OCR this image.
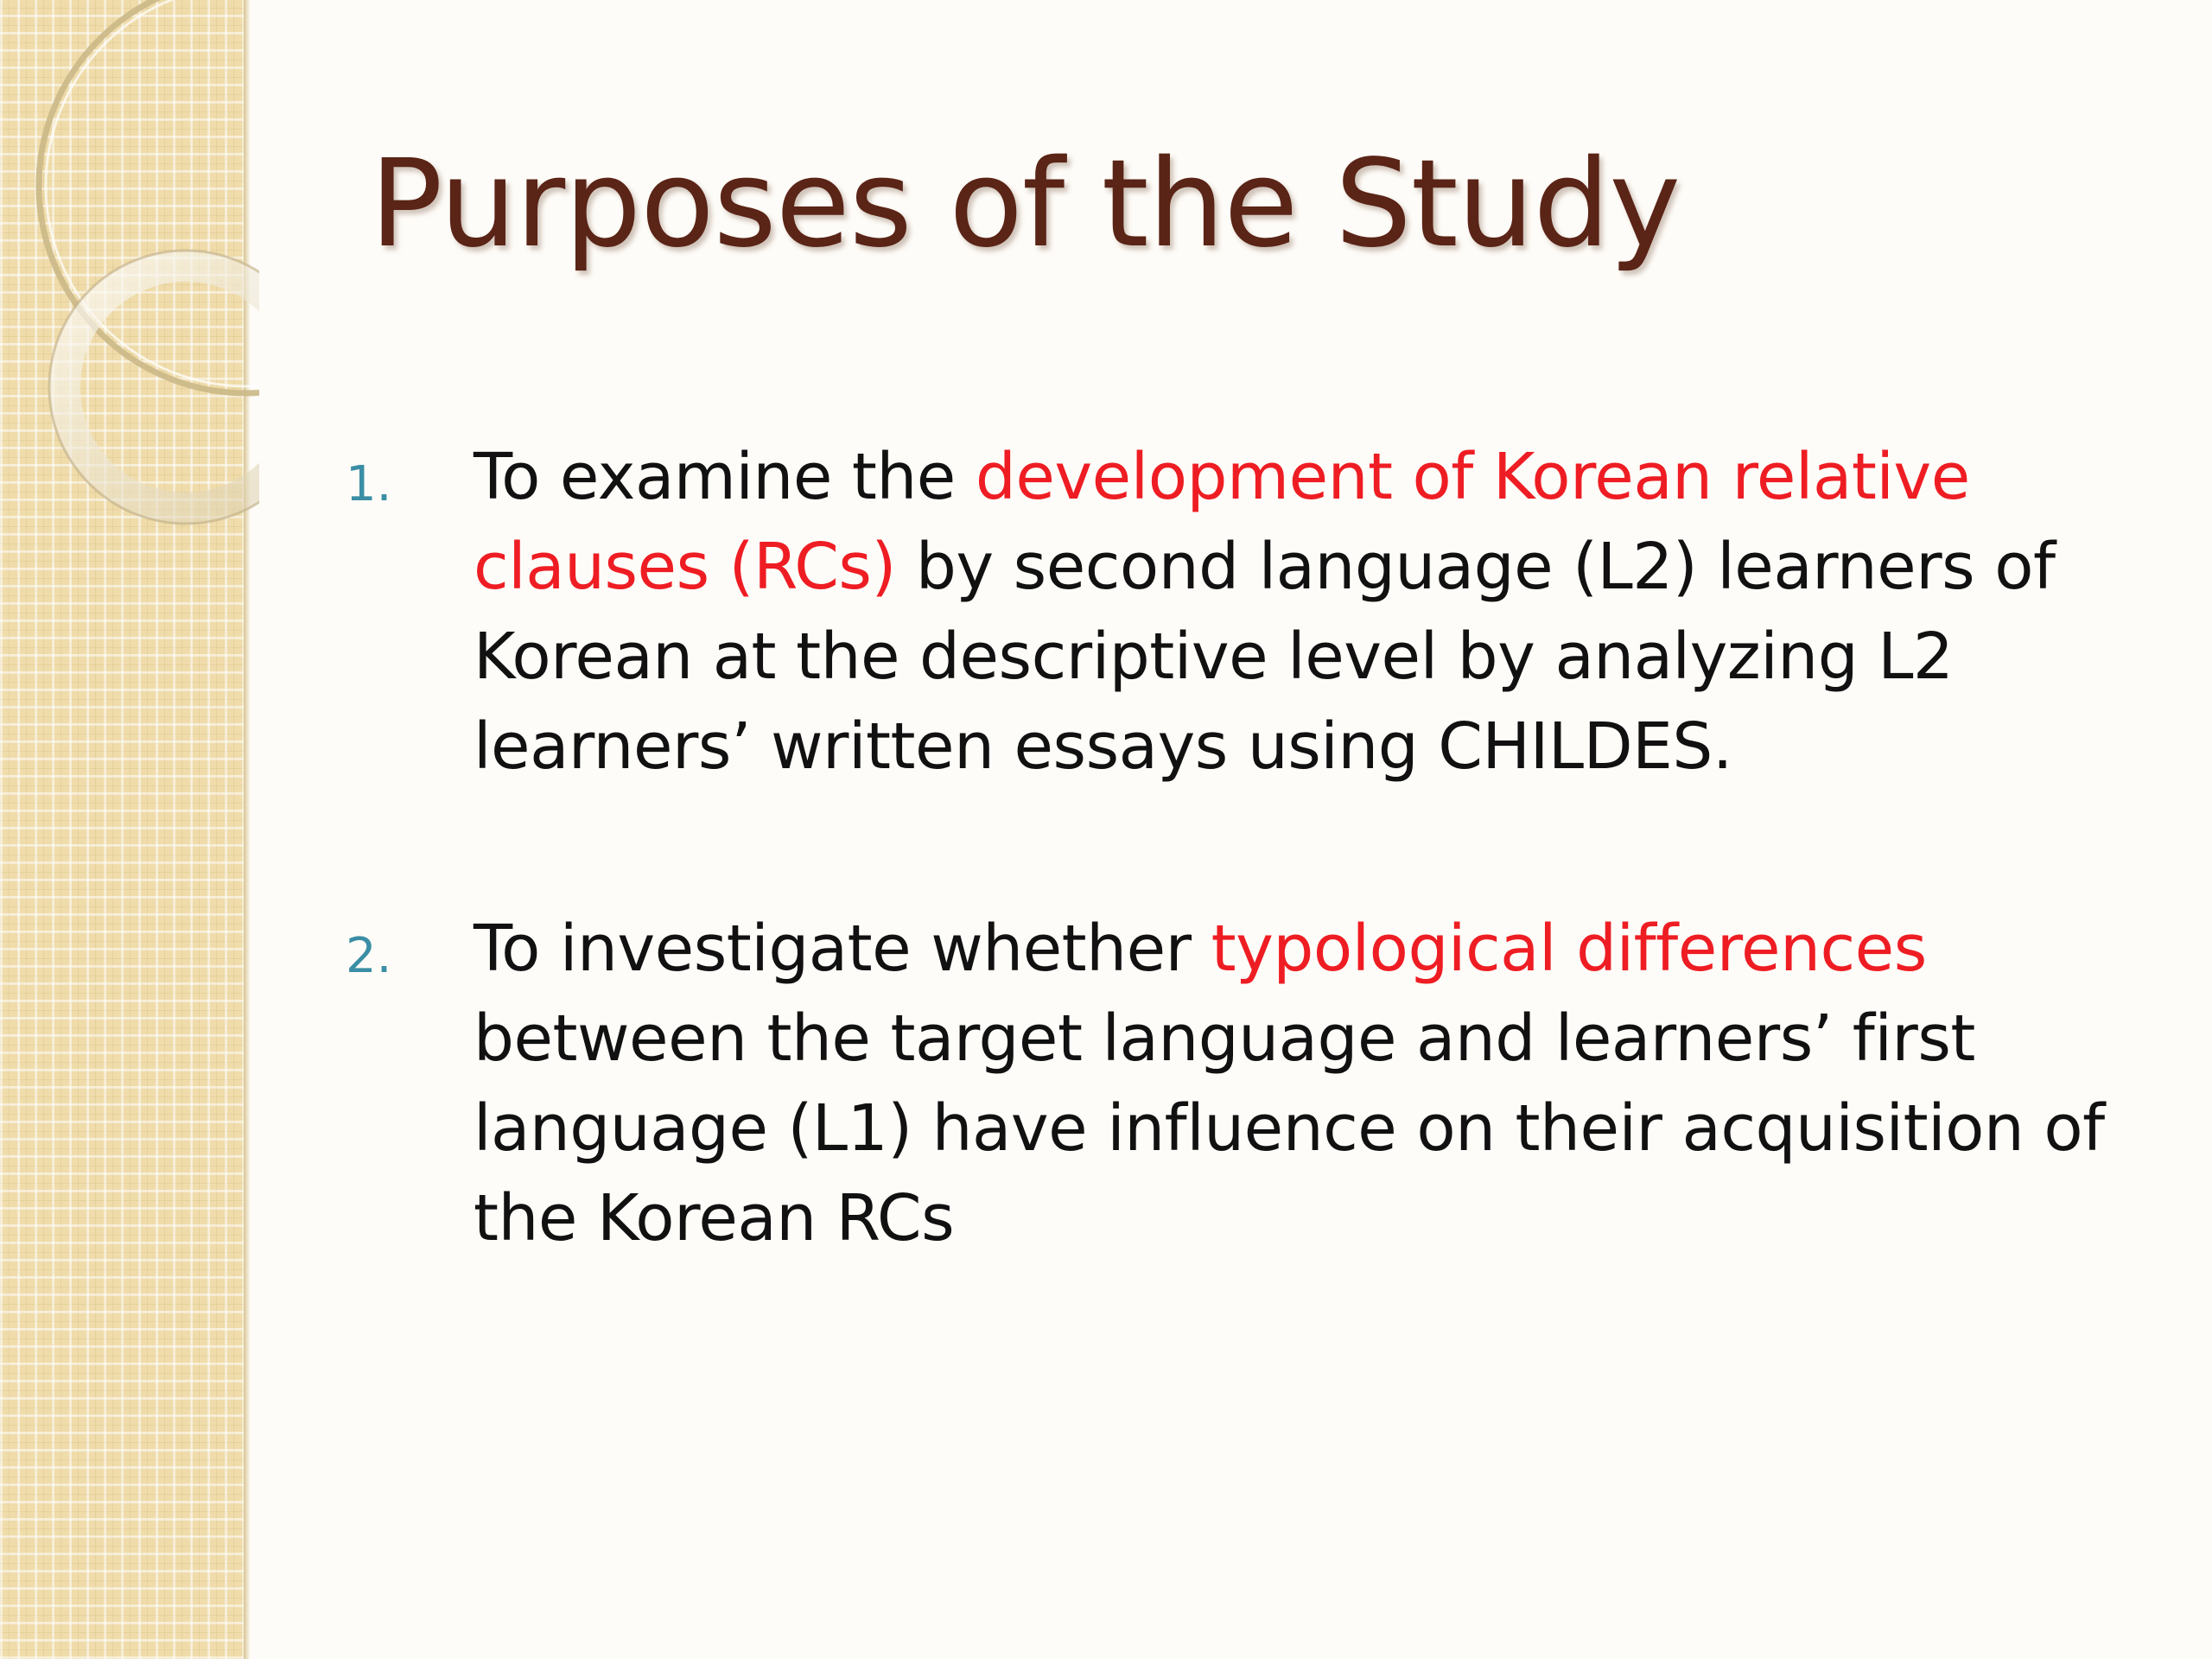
Purposes of the Study
1. To examine the development of Korean relative clauses (RCs) by second language (L2) learners of Korean at the descriptive level by analyzing L2 learners’ written essays using CHILDES.
2. To investigate whether typological differences between the target language and learners’ first language (L1) have influence on their acquisition of the Korean RCs
